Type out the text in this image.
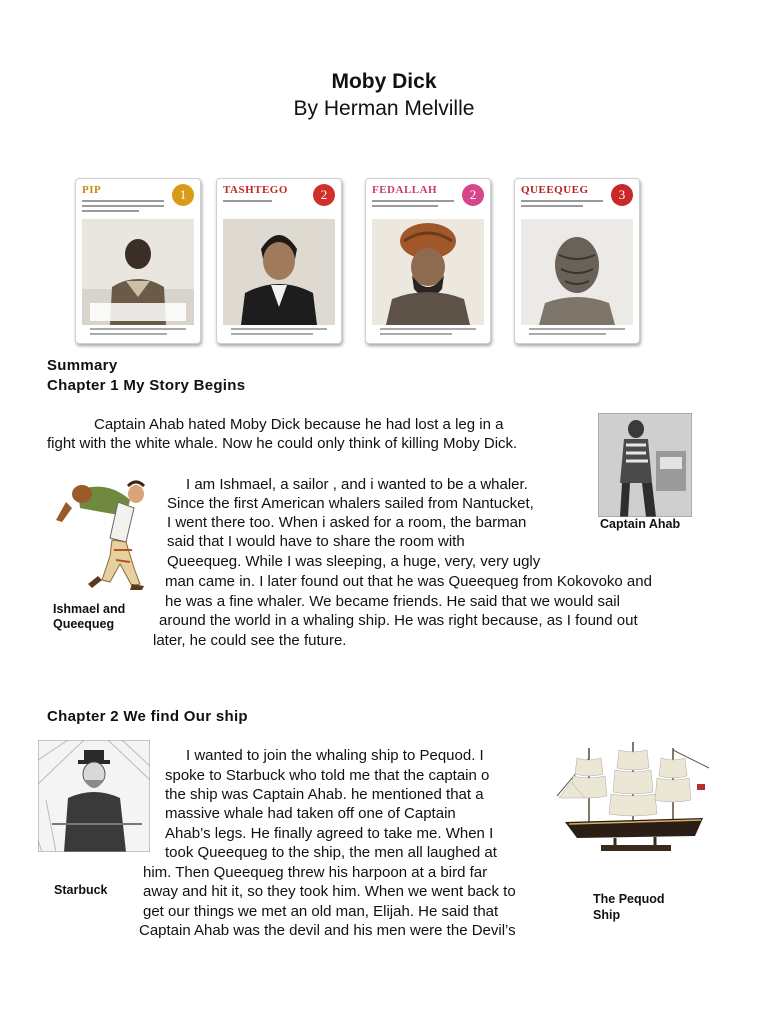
Moby Dick
By Herman Melville
PIP	1	TASHTEGO	2	FEDALLAH	2	QUEEQUEG	3
Summary
Chapter 1 My Story Begins
Captain Ahab hated Moby Dick because he had lost a leg in a
fight with the white whale. Now he could only think of killing Moby Dick.
Captain Ahab
Ishmael and
Queequeg
I am Ishmael, a sailor , and i wanted to be a whaler.
Since the first American whalers sailed from Nantucket,
I went there too. When i asked for a room, the barman
said that I would have to share the room with
Queequeg. While I was sleeping, a huge, very, very ugly
man came in. I later found out that he was Queequeg from Kokovoko and
he was a fine whaler. We became friends. He said that we would sail
around the world in a whaling ship. He was right because, as I found out
later, he could see the future.
Chapter 2 We find Our ship
Starbuck
I wanted to join the whaling ship to Pequod. I
spoke to Starbuck who told me that the captain o
the ship was Captain Ahab. he mentioned that a
massive whale had taken off one of Captain
Ahab’s legs. He finally agreed to take me. When I
took Queequeg to the ship, the men all laughed at
him. Then Queequeg threw his harpoon at a bird far
away and hit it, so they took him. When we went back to
get our things we met an old man, Elijah. He said that
Captain Ahab was the devil and his men were the Devil’s
The Pequod
Ship
